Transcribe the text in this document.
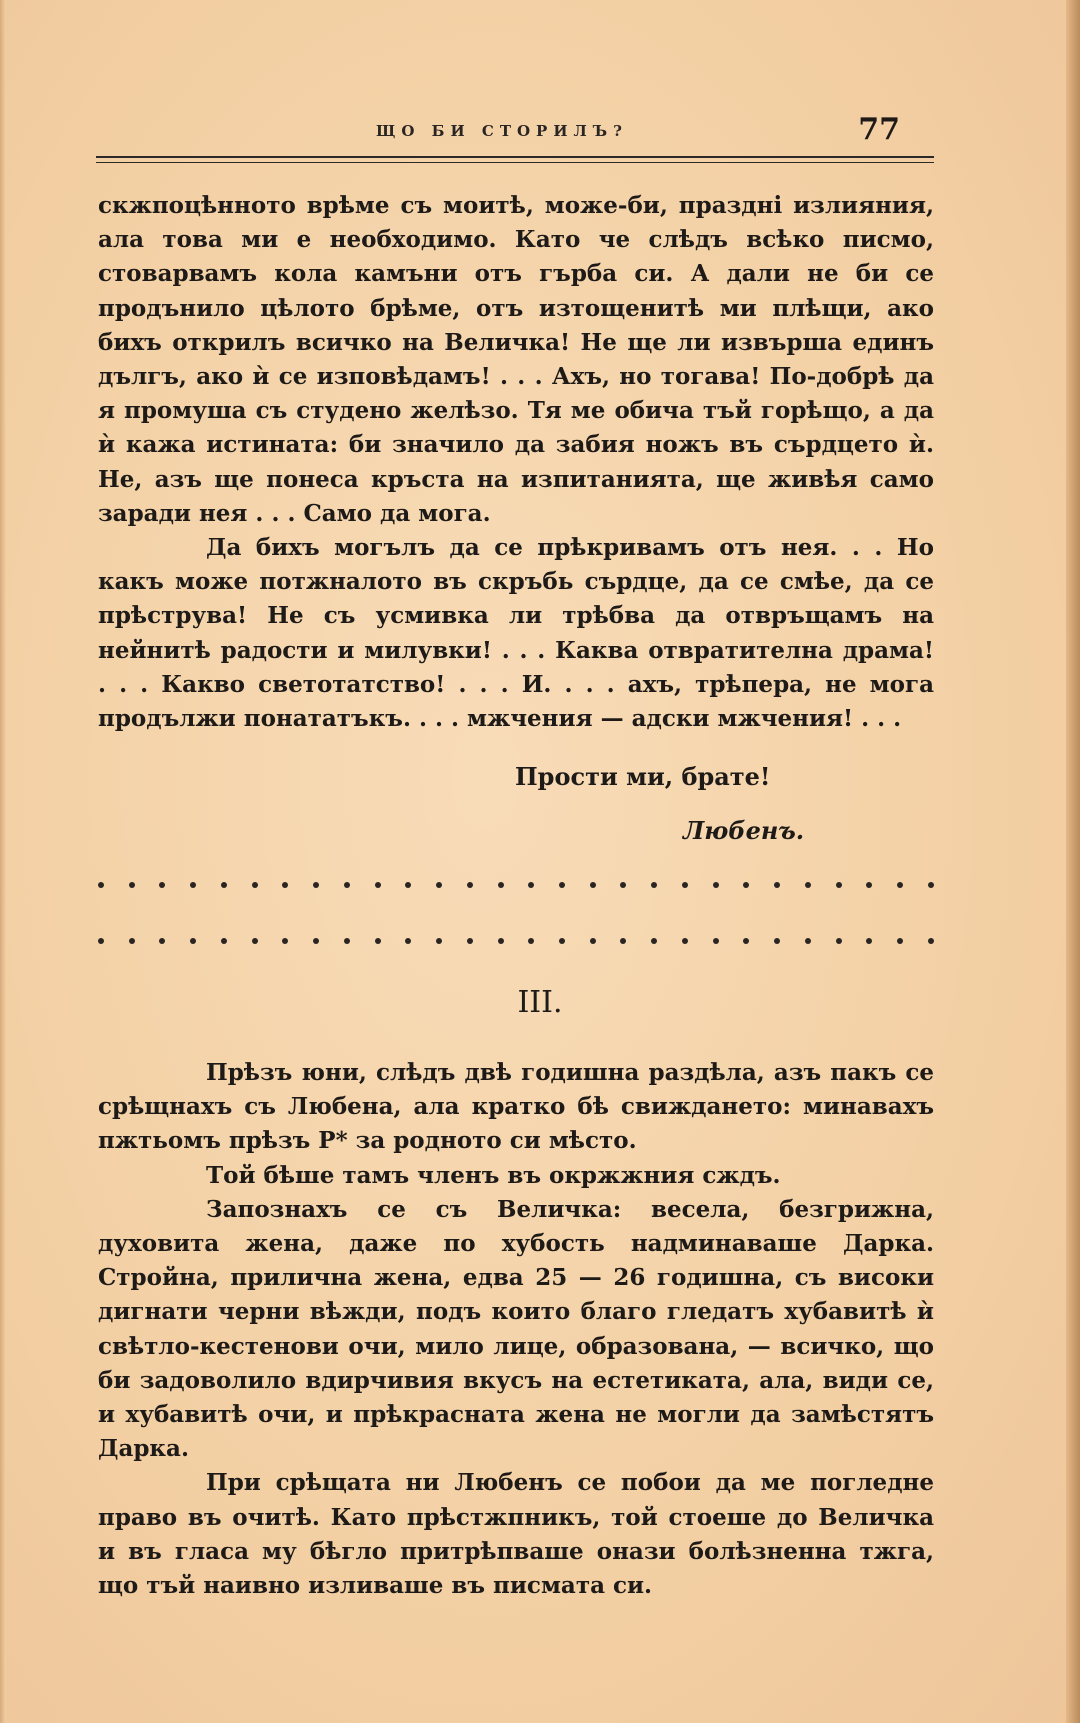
ЩО БИ СТОРИЛЪ?	77

скжпоцѣнното врѣме съ моитѣ, може-би, празднi излияния, ала това ми е необходимо. Като че слѣдъ всѣко писмо, стоварвамъ кола камъни отъ гърба си. А дали не би се продънило цѣлото брѣме, отъ изтощенитѣ ми плѣщи, ако бихъ открилъ всичко на Величка! Не ще ли извърша единъ дългъ, ако ѝ се изповѣдамъ! . . . Ахъ, но тогава! По-добрѣ да я промуша съ студено желѣзо. Тя ме обича тъй горѣщо, а да ѝ кажа истината: би значило да забия ножъ въ сърдцето ѝ. Не, азъ ще понеса кръста на изпитанията, ще живѣя само заради нея . . . Само да мога.

Да бихъ могълъ да се прѣкривамъ отъ нея. . . Но какъ може потжналото въ скръбь сърдце, да се смѣе, да се прѣструва! Не съ усмивка ли трѣбва да отвръщамъ на нейнитѣ радости и милувки! . . . Каква отвратителна драма! . . . Какво светотатство! . . . И. . . . ахъ, трѣпера, не мога продължи понататъкъ. . . . мжчения — адски мжчения! . . .

Прости ми, брате!
Любенъ.
III.

Прѣзъ юни, слѣдъ двѣ годишна раздѣла, азъ пакъ се срѣщнахъ съ Любена, ала кратко бѣ свиждането: минавахъ пжтьомъ прѣзъ Р* за родното си мѣсто.

Той бѣше тамъ членъ въ окржжния сждъ.

Запознахъ се съ Величка: весела, безгрижна, духовита жена, даже по хубость надминаваше Дарка. Стройна, прилична жена, едва 25 — 26 годишна, съ високи дигнати черни вѣжди, подъ които благо гледатъ хубавитѣ ѝ свѣтло-кестенови очи, мило лице, образована, — всичко, що би задоволило вдирчивия вкусъ на естетиката, ала, види се, и хубавитѣ очи, и прѣкрасната жена не могли да замѣстятъ Дарка.

При срѣщата ни Любенъ се побои да ме погледне право въ очитѣ. Като прѣстжпникъ, той стоеше до Величка и въ гласа му бѣгло притрѣпваше онази болѣзненна тжга, що тъй наивно изливаше въ писмата си.
